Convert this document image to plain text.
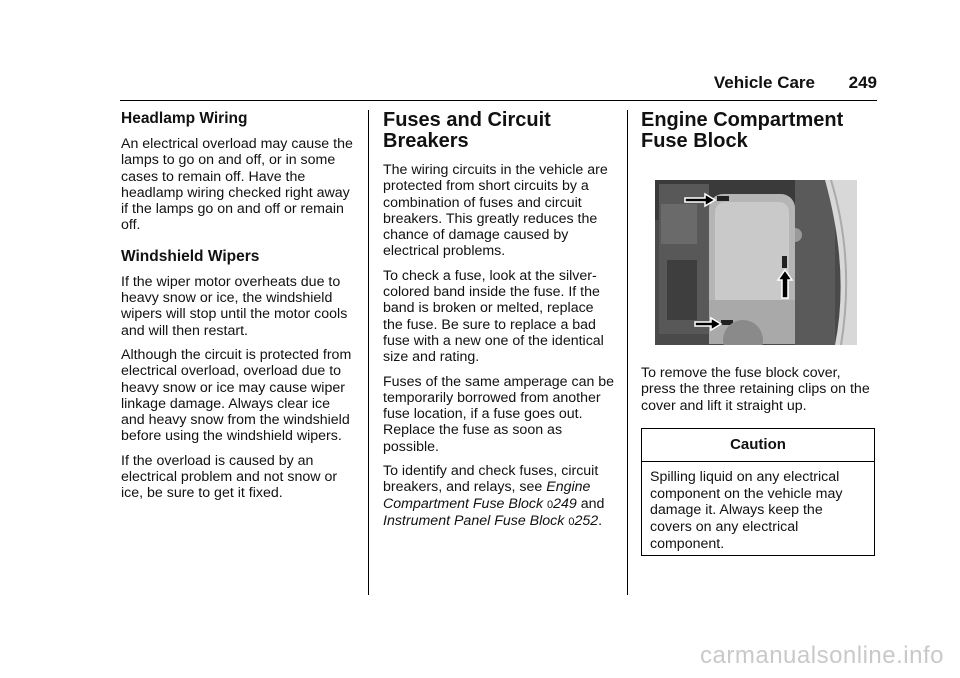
Vehicle Care 249
Headlamp Wiring

An electrical overload may cause the lamps to go on and off, or in some cases to remain off. Have the headlamp wiring checked right away if the lamps go on and off or remain off.

Windshield Wipers

If the wiper motor overheats due to heavy snow or ice, the windshield wipers will stop until the motor cools and will then restart.

Although the circuit is protected from electrical overload, overload due to heavy snow or ice may cause wiper linkage damage. Always clear ice and heavy snow from the windshield before using the windshield wipers.

If the overload is caused by an electrical problem and not snow or ice, be sure to get it fixed.

Fuses and Circuit
Breakers

The wiring circuits in the vehicle are protected from short circuits by a combination of fuses and circuit breakers. This greatly reduces the chance of damage caused by electrical problems.

To check a fuse, look at the silver-colored band inside the fuse. If the band is broken or melted, replace the fuse. Be sure to replace a bad fuse with a new one of the identical size and rating.

Fuses of the same amperage can be temporarily borrowed from another fuse location, if a fuse goes out. Replace the fuse as soon as possible.

To identify and check fuses, circuit breakers, and relays, see Engine Compartment Fuse Block 0249 and Instrument Panel Fuse Block 0252.

Engine Compartment
Fuse Block

To remove the fuse block cover, press the three retaining clips on the cover and lift it straight up.

Caution
Spilling liquid on any electrical component on the vehicle may damage it. Always keep the covers on any electrical component.
carmanualsonline.info
